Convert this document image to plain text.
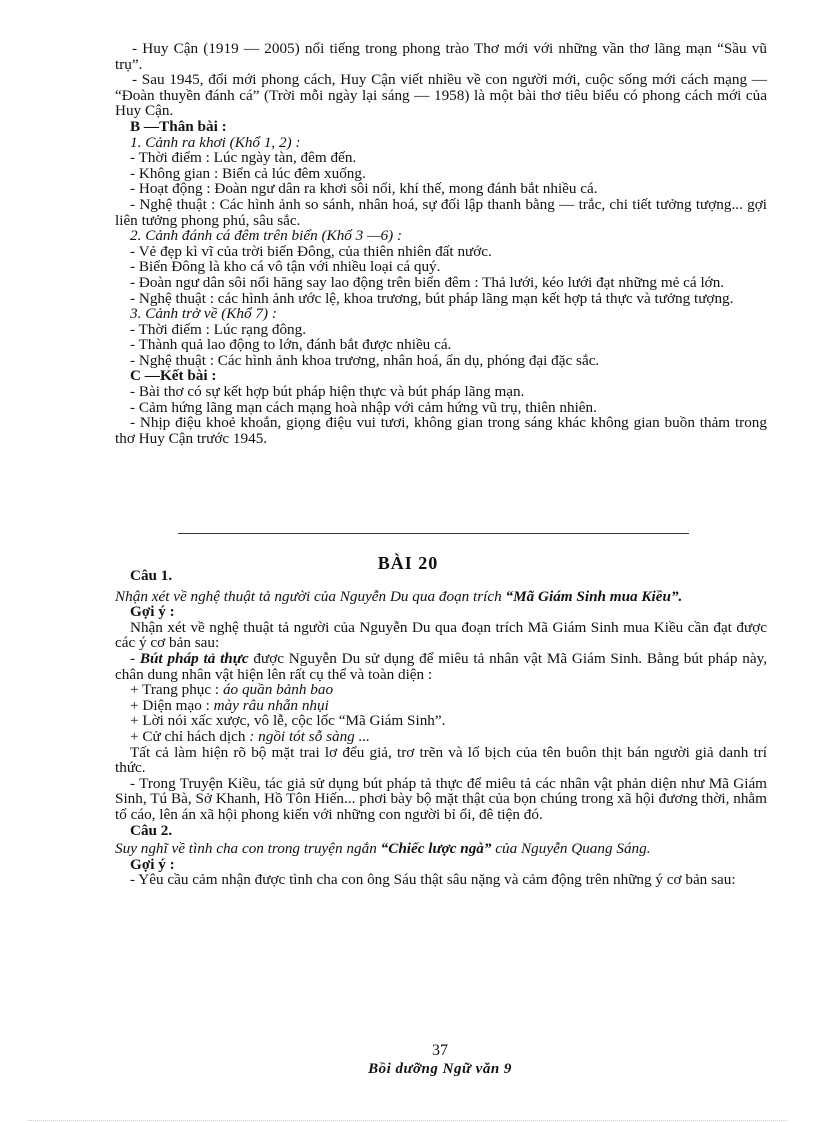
- Huy Cận (1919 — 2005) nổi tiếng trong phong trào Thơ mới với những vần thơ lãng mạn “Sầu vũ trụ”.

- Sau 1945, đổi mới phong cách, Huy Cận viết nhiều về con người mới, cuộc sống mới cách mạng — “Đoàn thuyền đánh cá” (Trời mỗi ngày lại sáng — 1958) là một bài thơ tiêu biểu có phong cách mới của Huy Cận.

B —Thân bài :

1. Cảnh ra khơi (Khổ 1, 2) :

- Thời điểm : Lúc ngày tàn, đêm đến.

- Không gian : Biển cả lúc đêm xuống.

- Hoạt động : Đoàn ngư dân ra khơi sôi nổi, khí thế, mong đánh bắt nhiều cá.

- Nghệ thuật : Các hình ảnh so sánh, nhân hoá, sự đối lập thanh bằng — trắc, chi tiết tưởng tượng... gợi liên tưởng phong phú, sâu sắc.

2. Cảnh đánh cá đêm trên biển (Khổ 3 —6) :

- Vẻ đẹp kì vĩ của trời biển Đông, của thiên nhiên đất nước.

- Biển Đông là kho cá vô tận với nhiều loại cá quý.

- Đoàn ngư dân sôi nổi hăng say lao động trên biển đêm : Thả lưới, kéo lưới đạt những mẻ cá lớn.

- Nghệ thuật : các hình ảnh ước lệ, khoa trương, bút pháp lãng mạn kết hợp tả thực và tưởng tượng.

3. Cảnh trở về (Khổ 7) :

- Thời điểm : Lúc rạng đông.

- Thành quả lao động to lớn, đánh bắt được nhiều cá.

- Nghệ thuật : Các hình ảnh khoa trương, nhân hoá, ẩn dụ, phóng đại đặc sắc.

C —Kết bài :

- Bài thơ có sự kết hợp bút pháp hiện thực và bút pháp lãng mạn.

- Cảm hứng lãng mạn cách mạng hoà nhập với cảm hứng vũ trụ, thiên nhiên.

- Nhịp điệu khoẻ khoắn, giọng điệu vui tươi, không gian trong sáng khác không gian buồn thảm trong thơ Huy Cận trước 1945.

BÀI 20

Câu 1.

Nhận xét về nghệ thuật tả người của Nguyễn Du qua đoạn trích “Mã Giám Sinh mua Kiều”.

Gợi ý :

Nhận xét về nghệ thuật tả người của Nguyễn Du qua đoạn trích Mã Giám Sinh mua Kiều cần đạt được các ý cơ bản sau:

- Bút pháp tả thực được Nguyễn Du sử dụng để miêu tả nhân vật Mã Giám Sinh. Bằng bút pháp này, chân dung nhân vật hiện lên rất cụ thể và toàn diện :

+ Trang phục : áo quần bảnh bao

+ Diện mạo : mày râu nhẵn nhụi

+ Lời nói xấc xược, vô lễ, cộc lốc “Mã Giám Sinh”.

+ Cử chỉ hách dịch : ngồi tót sỗ sàng ...

Tất cả làm hiện rõ bộ mặt trai lơ đểu giả, trơ trẽn và lố bịch của tên buôn thịt bán người giả danh trí thức.

- Trong Truyện Kiều, tác giả sử dụng bút pháp tả thực để miêu tả các nhân vật phản diện như Mã Giám Sinh, Tú Bà, Sở Khanh, Hồ Tôn Hiến... phơi bày bộ mặt thật của bọn chúng trong xã hội đương thời, nhằm tố cáo, lên án xã hội phong kiến với những con người bỉ ổi, đê tiện đó.

Câu 2.

Suy nghĩ về tình cha con trong truyện ngắn “Chiếc lược ngà” của Nguyễn Quang Sáng.

Gợi ý :

- Yêu cầu cảm nhận được tình cha con ông Sáu thật sâu nặng và cảm động trên những ý cơ bản sau:

37
Bồi dưỡng Ngữ văn 9
